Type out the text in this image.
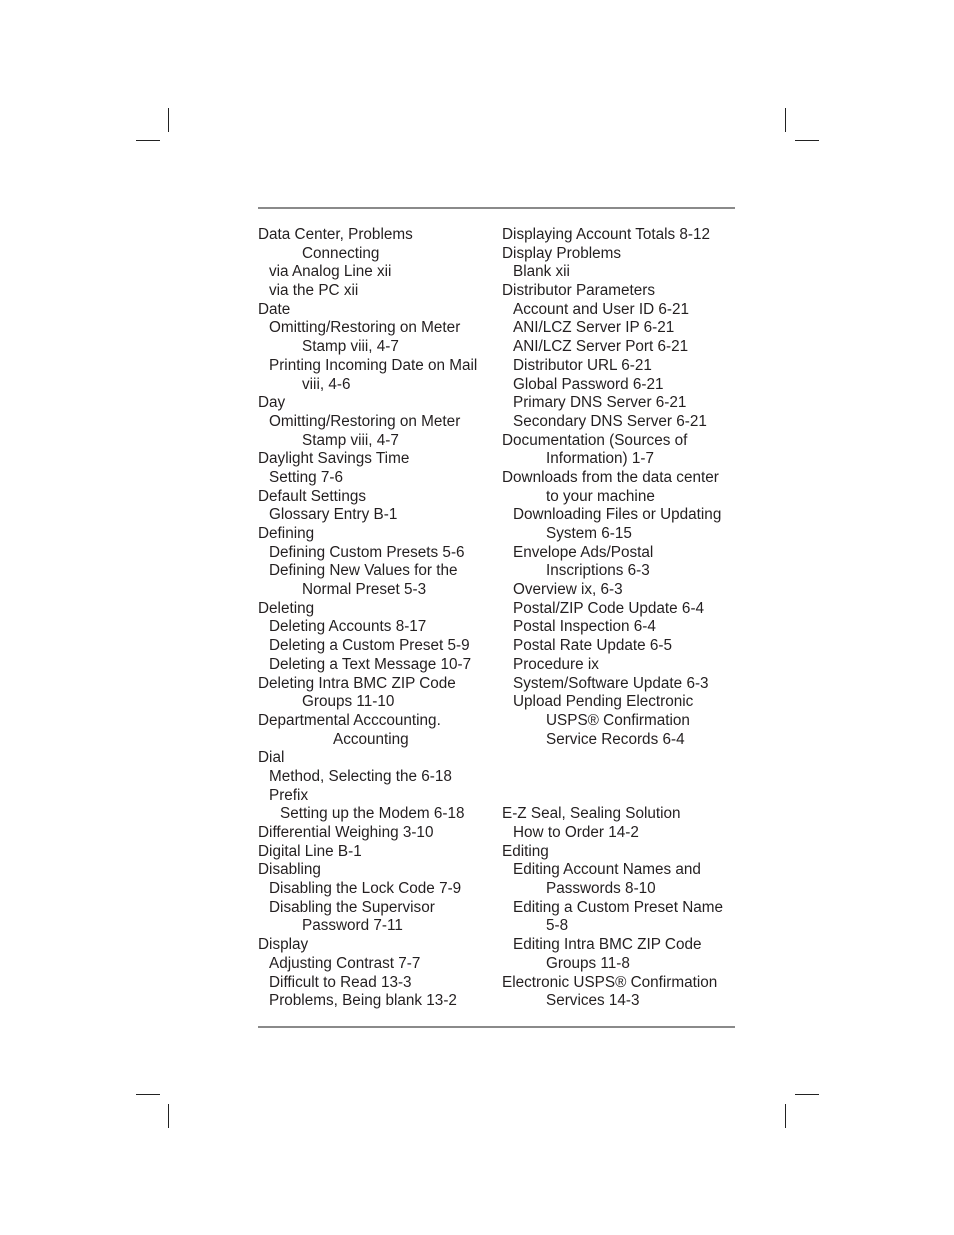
Data Center, Problems
Connecting
via Analog Line xii
via the PC xii
Date
Omitting/Restoring on Meter
Stamp viii, 4-7
Printing Incoming Date on Mail
viii, 4-6
Day
Omitting/Restoring on Meter
Stamp viii, 4-7
Daylight Savings Time
Setting 7-6
Default Settings
Glossary Entry B-1
Defining
Defining Custom Presets 5-6
Defining New Values for the
Normal Preset 5-3
Deleting
Deleting Accounts 8-17
Deleting a Custom Preset 5-9
Deleting a Text Message 10-7
Deleting Intra BMC ZIP Code
Groups 11-10
Departmental Acccounting.
Accounting
Dial
Method, Selecting the 6-18
Prefix
Setting up the Modem 6-18
Differential Weighing 3-10
Digital Line B-1
Disabling
Disabling the Lock Code 7-9
Disabling the Supervisor
Password 7-11
Display
Adjusting Contrast 7-7
Difficult to Read 13-3
Problems, Being blank 13-2
Displaying Account Totals 8-12
Display Problems
Blank xii
Distributor Parameters
Account and User ID 6-21
ANI/LCZ Server IP 6-21
ANI/LCZ Server Port 6-21
Distributor URL 6-21
Global Password 6-21
Primary DNS Server 6-21
Secondary DNS Server 6-21
Documentation (Sources of
Information) 1-7
Downloads from the data center
to your machine
Downloading Files or Updating
System 6-15
Envelope Ads/Postal
Inscriptions 6-3
Overview ix, 6-3
Postal/ZIP Code Update 6-4
Postal Inspection 6-4
Postal Rate Update 6-5
Procedure ix
System/Software Update 6-3
Upload Pending Electronic
USPS® Confirmation
Service Records 6-4
E-Z Seal, Sealing Solution
How to Order 14-2
Editing
Editing Account Names and
Passwords 8-10
Editing a Custom Preset Name
5-8
Editing Intra BMC ZIP Code
Groups 11-8
Electronic USPS® Confirmation
Services 14-3
